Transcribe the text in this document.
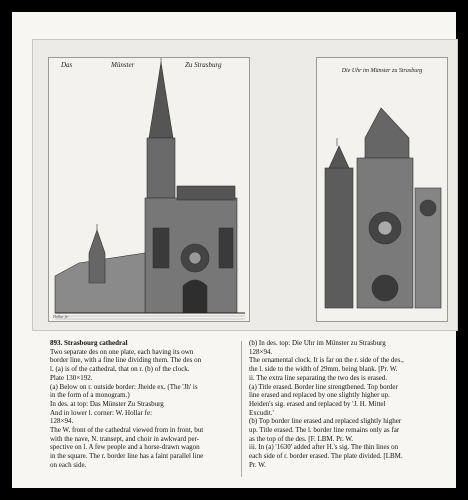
Das	Münster	Zu Strasburg
Hollar fe:
Die Uhr im Münster zu Strasburg

893. Strasbourg cathedral

Two separate des on one plate, each having its own

border line, with a fine line dividing them. The des on

l. (a) is of the cathedral, that on r. (b) of the clock.

Plate 130×192.

(a) Below on r. outside border: Jheide ex. (The 'Jh' is

in the form of a monogram.)

In des. at top: Das Münster Zu Strasburg

And in lower l. corner: W. Hollar fe:

128×94.

The W. front of the cathedral viewed from in front, but

with the nave, N. transept, and choir in awkward per-

spective on l. A few people and a horse-drawn wagon

in the square. The r. border line has a faint parallel line

on each side.

(b) In des. top: Die Uhr im Münster zu Strasburg

128×94.

The ornamental clock. It is far on the r. side of the des.,

the l. side to the width of 29mm. being blank. [Pr. W.

ii. The extra line separating the two des is erased.

(a) Title erased. Border line strengthened. Top border

line erased and replaced by one slightly higher up.

Heiden's sig. erased and replaced by 'J. H. Mittel

Excudit.'

(b) Top border line erased and replaced slightly higher

up. Title erased. The l. border line remains only as far

as the top of the des. [F. LBM. Pr. W.

iii. In (a) '1630' added after H.'s sig. The thin lines on

each side of r. border erased. The plate divided. [LBM.

Pr. W.
